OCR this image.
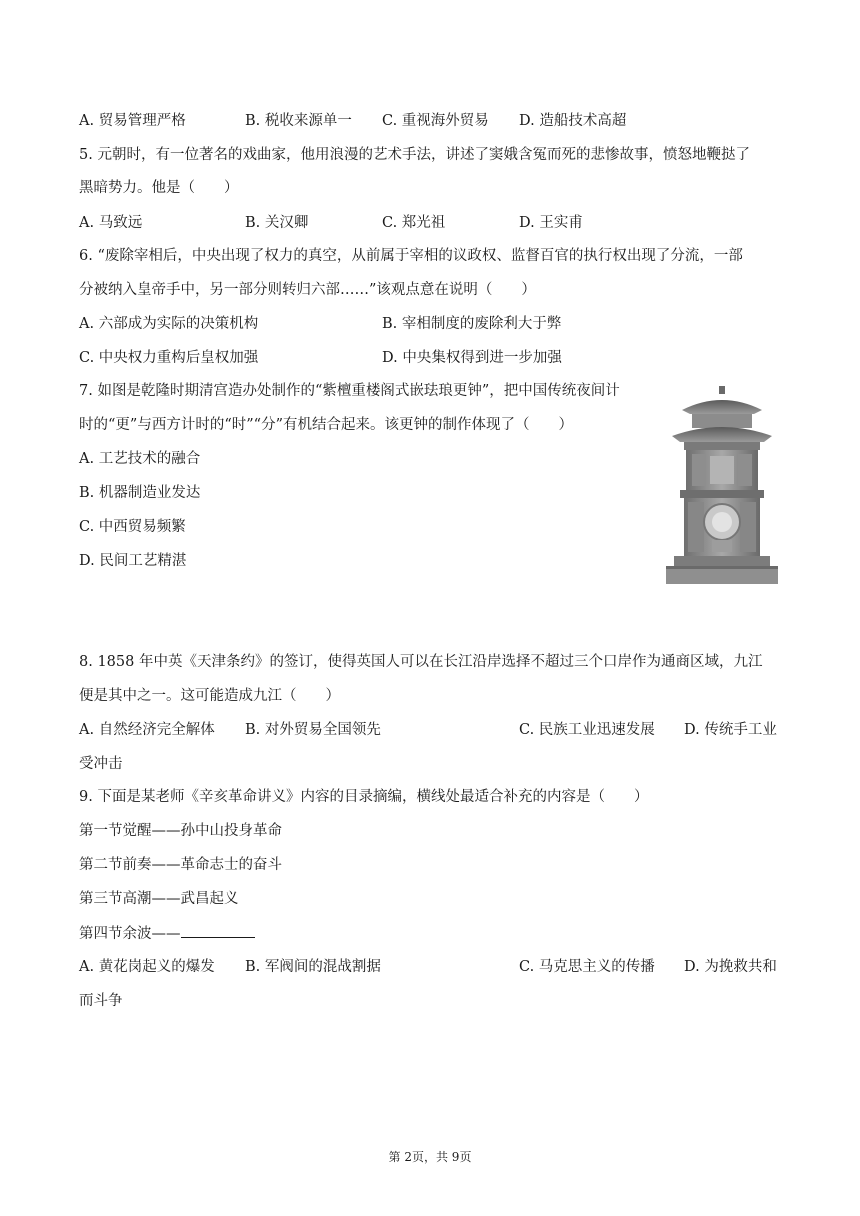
A. 贸易管理严格	B. 税收来源单一 C. 重视海外贸易 D. 造船技术高超
5. 元朝时，有一位著名的戏曲家，他用浪漫的艺术手法，讲述了窦娥含冤而死的悲惨故事，愤怒地鞭挞了
黑暗势力。他是（　　）
A. 马致远	B. 关汉卿	C. 郑光祖	D. 王实甫
6. “废除宰相后，中央出现了权力的真空，从前属于宰相的议政权、监督百官的执行权出现了分流，一部
分被纳入皇帝手中，另一部分则转归六部……”该观点意在说明（　　）
A. 六部成为实际的决策机构	B. 宰相制度的废除利大于弊
C. 中央权力重构后皇权加强	D. 中央集权得到进一步加强
7. 如图是乾隆时期清宫造办处制作的“紫檀重楼阁式嵌珐琅更钟”，把中国传统夜间计
时的“更”与西方计时的“时”“分”有机结合起来。该更钟的制作体现了（　　）
A. 工艺技术的融合
B. 机器制造业发达
C. 中西贸易频繁
D. 民间工艺精湛
8. 1858 年中英《天津条约》的签订，使得英国人可以在长江沿岸选择不超过三个口岸作为通商区域，九江
便是其中之一。这可能造成九江（　　）
A. 自然经济完全解体 B. 对外贸易全国领先	C. 民族工业迅速发展 D. 传统手工业
受冲击
9. 下面是某老师《辛亥革命讲义》内容的目录摘编，横线处最适合补充的内容是（　　）
第一节觉醒——孙中山投身革命
第二节前奏——革命志士的奋斗
第三节高潮——武昌起义
第四节余波——
A. 黄花岗起义的爆发 B. 军阀间的混战割据	C. 马克思主义的传播 D. 为挽救共和
而斗争
第 2页，共 9页
